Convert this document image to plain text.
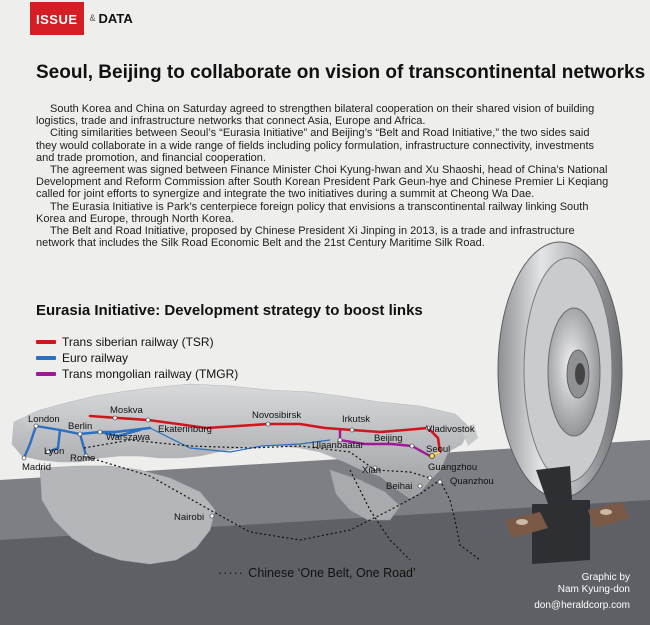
ISSUE	& DATA
Seoul, Beijing to collaborate on vision of transcontinental networks

South Korea and China on Saturday agreed to strengthen bilateral cooperation on their shared vision of building logistics, trade and infrastructure networks that connect Asia, Europe and Africa.

Citing similarities between Seoul’s “Eurasia Initiative” and Beijing’s “Belt and Road Initiative,” the two sides said they would collaborate in a wide range of fields including policy formulation, infrastructure connectivity, investments and trade promotion, and financial cooperation.

The agreement was signed between Finance Minister Choi Kyung-hwan and Xu Shaoshi, head of China’s National Development and Reform Commission after South Korean President Park Geun-hye and Chinese Premier Li Keqiang called for joint efforts to synergize and integrate the two initiatives during a summit at Cheong Wa Dae.

The Eurasia Initiative is Park’s centerpiece foreign policy that envisions a transcontinental railway linking South Korea and Europe, through North Korea.

The Belt and Road Initiative, proposed by Chinese President Xi Jinping in 2013, is a trade and infrastructure network that includes the Silk Road Economic Belt and the 21st Century Maritime Silk Road.

Eurasia Initiative: Development strategy to boost links
Trans siberian railway (TSR)
Euro railway
Trans mongolian railway (TMGR)
London
Berlin
Moskva
Warszawa
Ekaterinburg
Novosibirsk	Irkutsk
Vladivostok
Ulaanbaatar
Beijing
Seoul
Madrid
Lyon
Rome
Xian	Guangzhou
Beihai	Quanzhou
Nairobi
····· Chinese ‘One Belt, One Road’	Graphic by
Nam Kyung-don
don@heraldcorp.com
